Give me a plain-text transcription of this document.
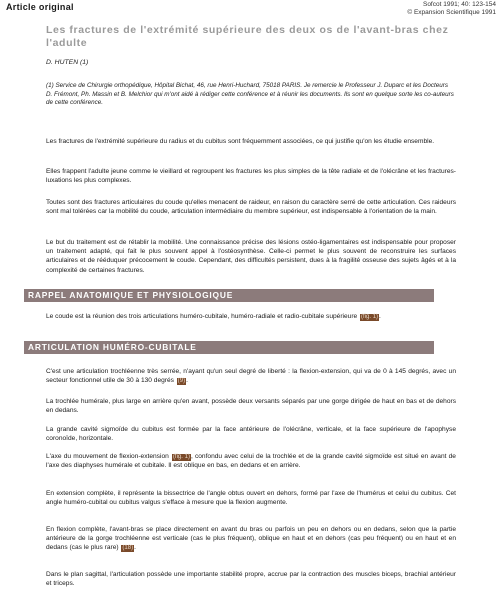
Article original	Sofcot 1991; 40: 123-154
© Expansion Scientifique 1991
Les fractures de l'extrémité supérieure des deux os de l'avant-bras chez l'adulte
D. HUTEN (1)
(1) Service de Chirurgie orthopédique, Hôpital Bichat, 46, rue Henri-Huchard, 75018 PARIS. Je remercie le Professeur J. Duparc et les Docteurs D. Frémont, Ph. Massin et B. Melchior qui m'ont aidé à rédiger cette conférence et à réunir les documents. Ils sont en quelque sorte les co-auteurs de cette conférence.
Les fractures de l'extrémité supérieure du radius et du cubitus sont fréquemment associées, ce qui justifie qu'on les étudie ensemble.
Elles frappent l'adulte jeune comme le vieillard et regroupent les fractures les plus simples de la tête radiale et de l'olécrâne et les fractures-luxations les plus complexes.
Toutes sont des fractures articulaires du coude qu'elles menacent de raideur, en raison du caractère serré de cette articulation. Ces raideurs sont mal tolérées car la mobilité du coude, articulation intermédiaire du membre supérieur, est indispensable à l'orientation de la main.
Le but du traitement est de rétablir la mobilité. Une connaissance précise des lésions ostéo-ligamentaires est indispensable pour proposer un traitement adapté, qui fait le plus souvent appel à l'ostéosynthèse. Celle-ci permet le plus souvent de reconstruire les surfaces articulaires et de rééduquer précocement le coude. Cependant, des difficultés persistent, dues à la fragilité osseuse des sujets âgés et à la complexité de certaines fractures.
RAPPEL ANATOMIQUE ET PHYSIOLOGIQUE
Le coude est la réunion des trois articulations huméro-cubitale, huméro-radiale et radio-cubitale supérieure (fig. 1).
ARTICULATION HUMÉRO-CUBITALE
C'est une articulation trochléenne très serrée, n'ayant qu'un seul degré de liberté : la flexion-extension, qui va de 0 à 145 degrés, avec un secteur fonctionnel utile de 30 à 130 degrés (9).
La trochlée humérale, plus large en arrière qu'en avant, possède deux versants séparés par une gorge dirigée de haut en bas et de dehors en dedans.
La grande cavité sigmoïde du cubitus est formée par la face antérieure de l'olécrâne, verticale, et la face supérieure de l'apophyse coronoïde, horizontale.
L'axe du mouvement de flexion-extension (fig. 1), confondu avec celui de la trochlée et de la grande cavité sigmoïde est situé en avant de l'axe des diaphyses humérale et cubitale. Il est oblique en bas, en dedans et en arrière.
En extension complète, il représente la bissectrice de l'angle obtus ouvert en dehors, formé par l'axe de l'humérus et celui du cubitus. Cet angle huméro-cubital ou cubitus valgus s'efface à mesure que la flexion augmente.
En flexion complète, l'avant-bras se place directement en avant du bras ou parfois un peu en dehors ou en dedans, selon que la partie antérieure de la gorge trochléenne est verticale (cas le plus fréquent), oblique en haut et en dehors (cas peu fréquent) ou en haut et en dedans (cas le plus rare) (18).
Dans le plan sagittal, l'articulation possède une importante stabilité propre, accrue par la contraction des muscles biceps, brachial antérieur et triceps.
